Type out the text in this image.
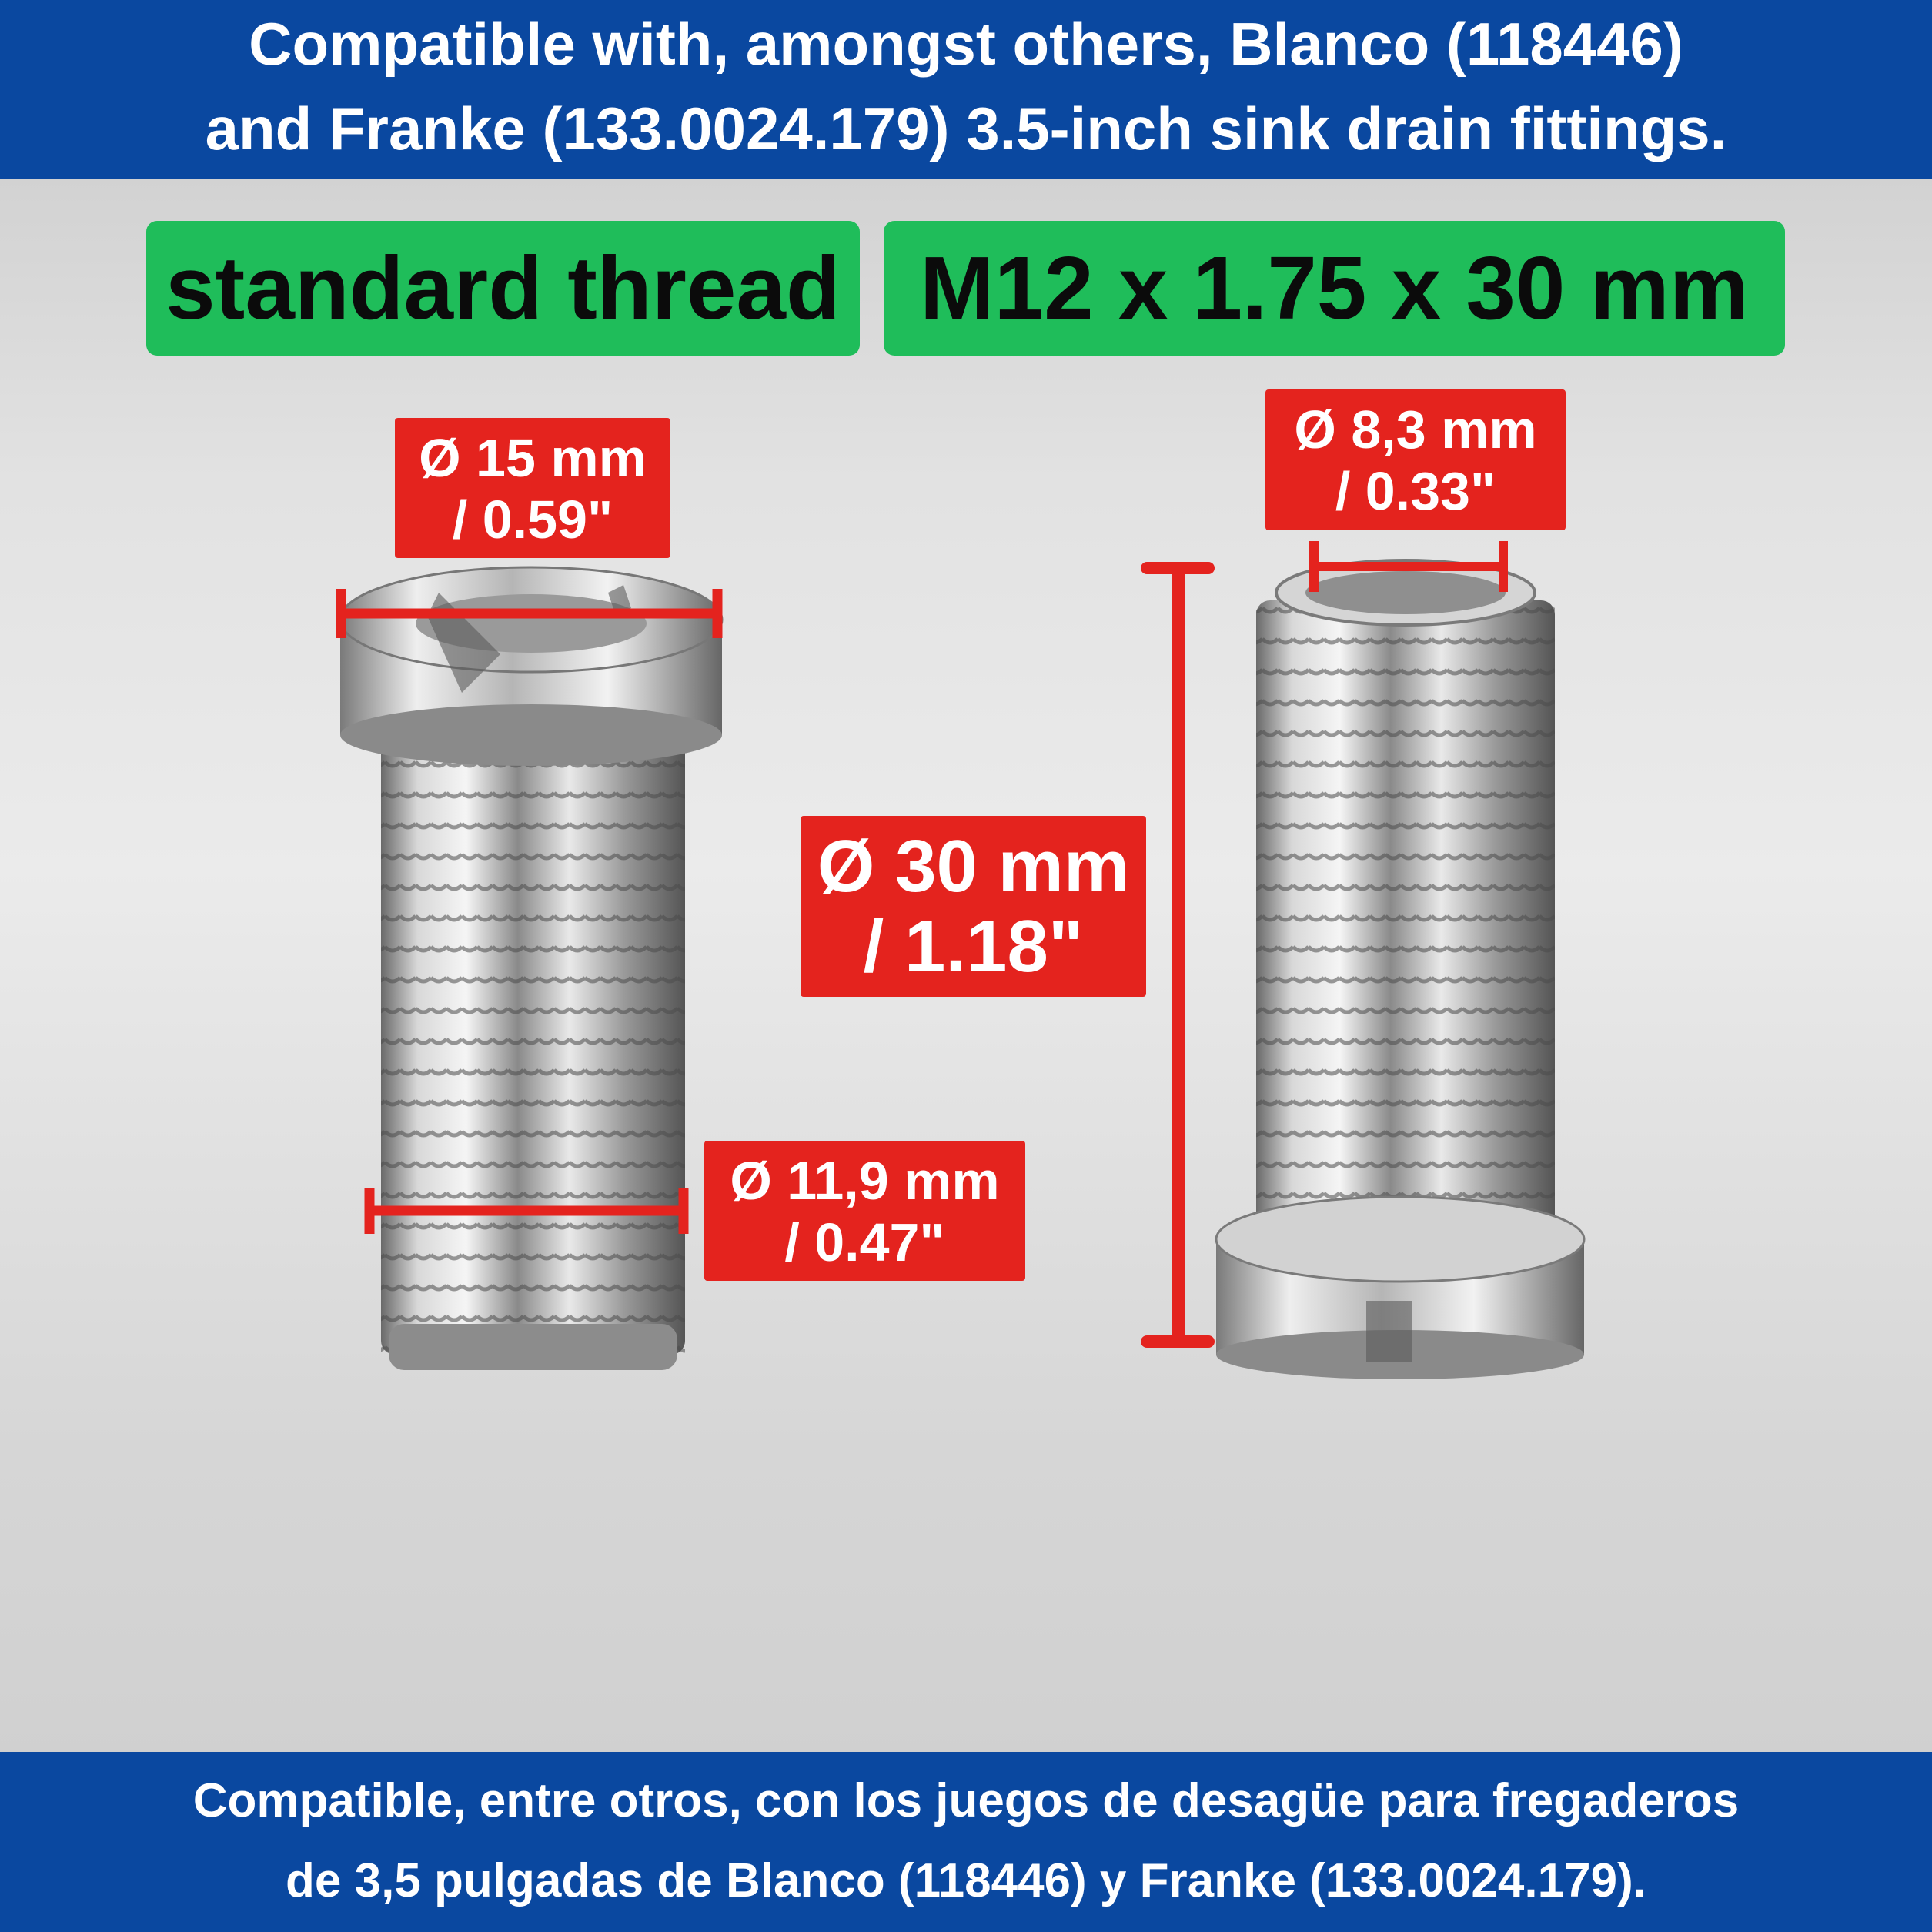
Compatible with, amongst others, Blanco (118446)
and Franke (133.0024.179) 3.5-inch sink drain fittings.
standard thread M12 x 1.75 x 30 mm
Ø 15 mm
/ 0.59"
Ø 8,3 mm
/ 0.33"
Ø 30 mm
/ 1.18"
Ø 11,9 mm
/ 0.47"
Compatible, entre otros, con los juegos de desagüe para fregaderos
de 3,5 pulgadas de Blanco (118446) y Franke (133.0024.179).
